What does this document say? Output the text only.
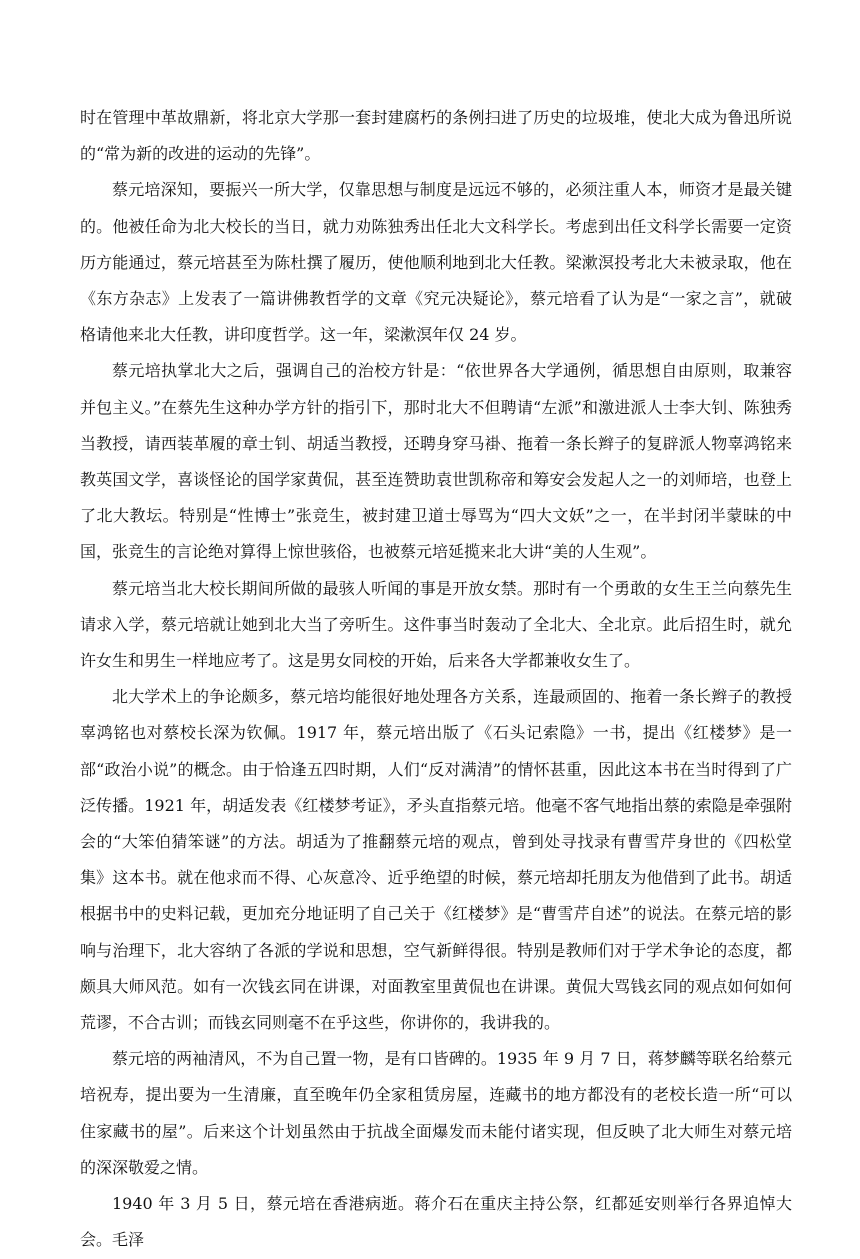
时在管理中革故鼎新，将北京大学那一套封建腐朽的条例扫进了历史的垃圾堆，使北大成为鲁迅所说的“常为新的改进的运动的先锋”。

蔡元培深知，要振兴一所大学，仅靠思想与制度是远远不够的，必须注重人本，师资才是最关键的。他被任命为北大校长的当日，就力劝陈独秀出任北大文科学长。考虑到出任文科学长需要一定资历方能通过，蔡元培甚至为陈杜撰了履历，使他顺利地到北大任教。梁漱溟投考北大未被录取，他在《东方杂志》上发表了一篇讲佛教哲学的文章《究元决疑论》，蔡元培看了认为是“一家之言”，就破格请他来北大任教，讲印度哲学。这一年，梁漱溟年仅 24 岁。

蔡元培执掌北大之后，强调自己的治校方针是：“依世界各大学通例，循思想自由原则，取兼容并包主义。”在蔡先生这种办学方针的指引下，那时北大不但聘请“左派”和激进派人士李大钊、陈独秀当教授，请西装革履的章士钊、胡适当教授，还聘身穿马褂、拖着一条长辫子的复辟派人物辜鸿铭来教英国文学，喜谈怪论的国学家黄侃，甚至连赞助袁世凯称帝和筹安会发起人之一的刘师培，也登上了北大教坛。特别是“性博士”张竞生，被封建卫道士辱骂为“四大文妖”之一，在半封闭半蒙昧的中国，张竞生的言论绝对算得上惊世骇俗，也被蔡元培延揽来北大讲“美的人生观”。

蔡元培当北大校长期间所做的最骇人听闻的事是开放女禁。那时有一个勇敢的女生王兰向蔡先生请求入学，蔡元培就让她到北大当了旁听生。这件事当时轰动了全北大、全北京。此后招生时，就允许女生和男生一样地应考了。这是男女同校的开始，后来各大学都兼收女生了。

北大学术上的争论颇多，蔡元培均能很好地处理各方关系，连最顽固的、拖着一条长辫子的教授辜鸿铭也对蔡校长深为钦佩。1917 年，蔡元培出版了《石头记索隐》一书，提出《红楼梦》是一部“政治小说”的概念。由于恰逢五四时期，人们“反对满清”的情怀甚重，因此这本书在当时得到了广泛传播。1921 年，胡适发表《红楼梦考证》，矛头直指蔡元培。他毫不客气地指出蔡的索隐是牵强附会的“大笨伯猜笨谜”的方法。胡适为了推翻蔡元培的观点，曾到处寻找录有曹雪芹身世的《四松堂集》这本书。就在他求而不得、心灰意冷、近乎绝望的时候，蔡元培却托朋友为他借到了此书。胡适根据书中的史料记载，更加充分地证明了自己关于《红楼梦》是“曹雪芹自述”的说法。在蔡元培的影响与治理下，北大容纳了各派的学说和思想，空气新鲜得很。特别是教师们对于学术争论的态度，都颇具大师风范。如有一次钱玄同在讲课，对面教室里黄侃也在讲课。黄侃大骂钱玄同的观点如何如何荒谬，不合古训；而钱玄同则毫不在乎这些，你讲你的，我讲我的。

蔡元培的两袖清风，不为自己置一物，是有口皆碑的。1935 年 9 月 7 日，蒋梦麟等联名给蔡元培祝寿，提出要为一生清廉，直至晚年仍全家租赁房屋，连藏书的地方都没有的老校长造一所“可以住家藏书的屋”。后来这个计划虽然由于抗战全面爆发而未能付诸实现，但反映了北大师生对蔡元培的深深敬爱之情。

1940 年 3 月 5 日，蔡元培在香港病逝。蒋介石在重庆主持公祭，红都延安则举行各界追悼大会。毛泽
